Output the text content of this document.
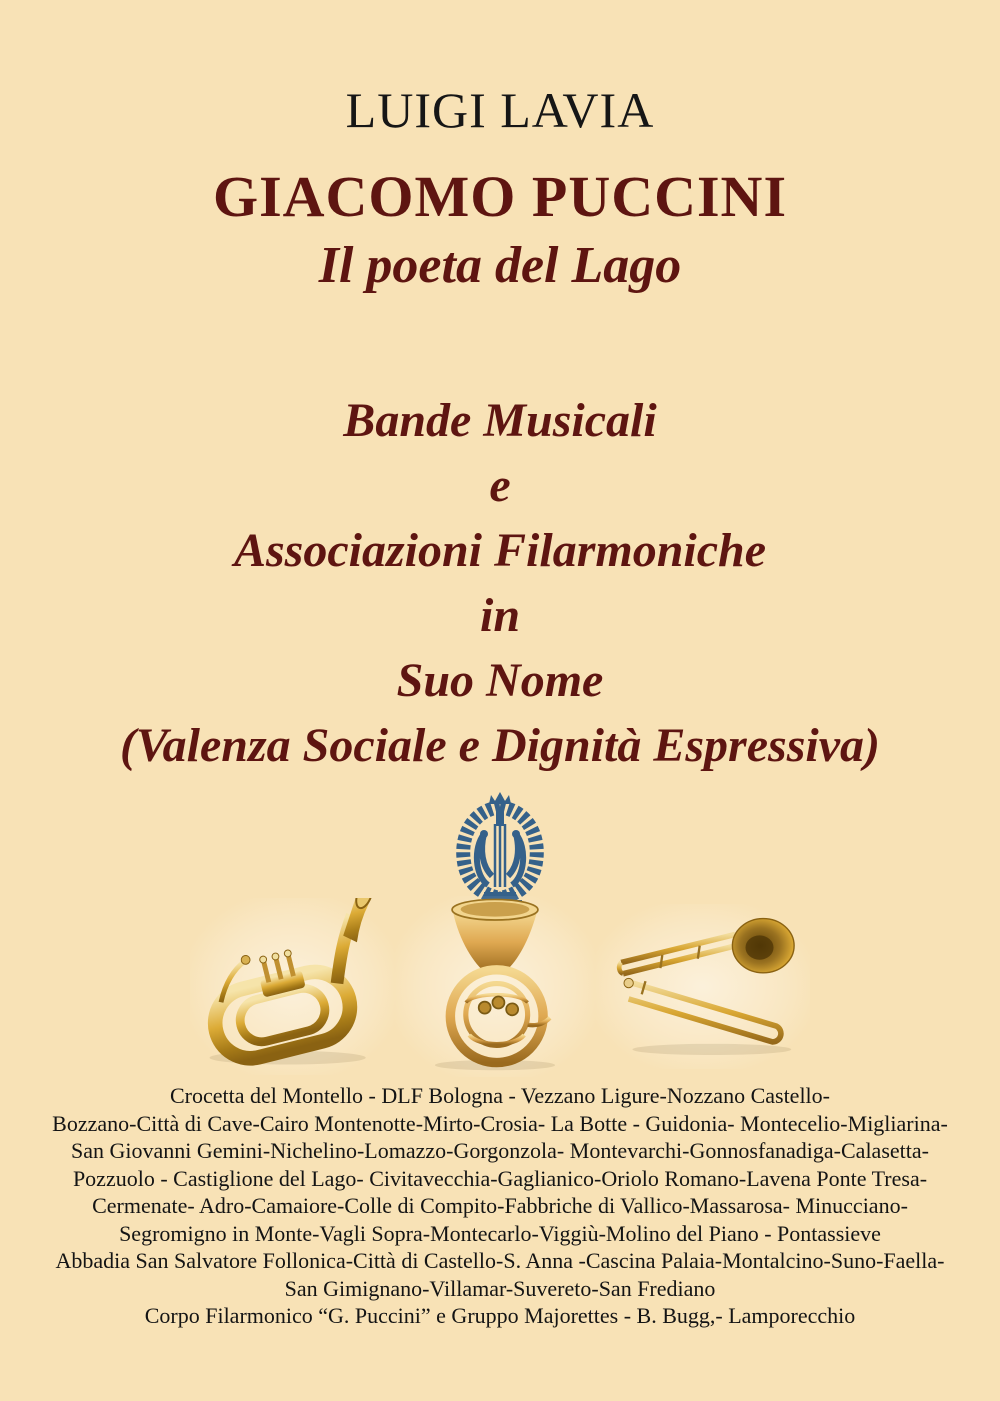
LUIGI LAVIA
GIACOMO PUCCINI
Il poeta del Lago
Bande Musicali
e
Associazioni Filarmoniche
in
Suo Nome
(Valenza Sociale e Dignità Espressiva)
Crocetta del Montello - DLF Bologna - Vezzano Ligure-Nozzano Castello-
Bozzano-Città di Cave-Cairo Montenotte-Mirto-Crosia- La Botte - Guidonia- Montecelio-Migliarina-
San Giovanni Gemini-Nichelino-Lomazzo-Gorgonzola- Montevarchi-Gonnosfanadiga-Calasetta-
Pozzuolo - Castiglione del Lago- Civitavecchia-Gaglianico-Oriolo Romano-Lavena Ponte Tresa-
Cermenate- Adro-Camaiore-Colle di Compito-Fabbriche di Vallico-Massarosa- Minucciano-
Segromigno in Monte-Vagli Sopra-Montecarlo-Viggiù-Molino del Piano - Pontassieve
Abbadia San Salvatore Follonica-Città di Castello-S. Anna -Cascina Palaia-Montalcino-Suno-Faella-
San Gimignano-Villamar-Suvereto-San Frediano
Corpo Filarmonico “G. Puccini” e Gruppo Majorettes - B. Bugg,- Lamporecchio
